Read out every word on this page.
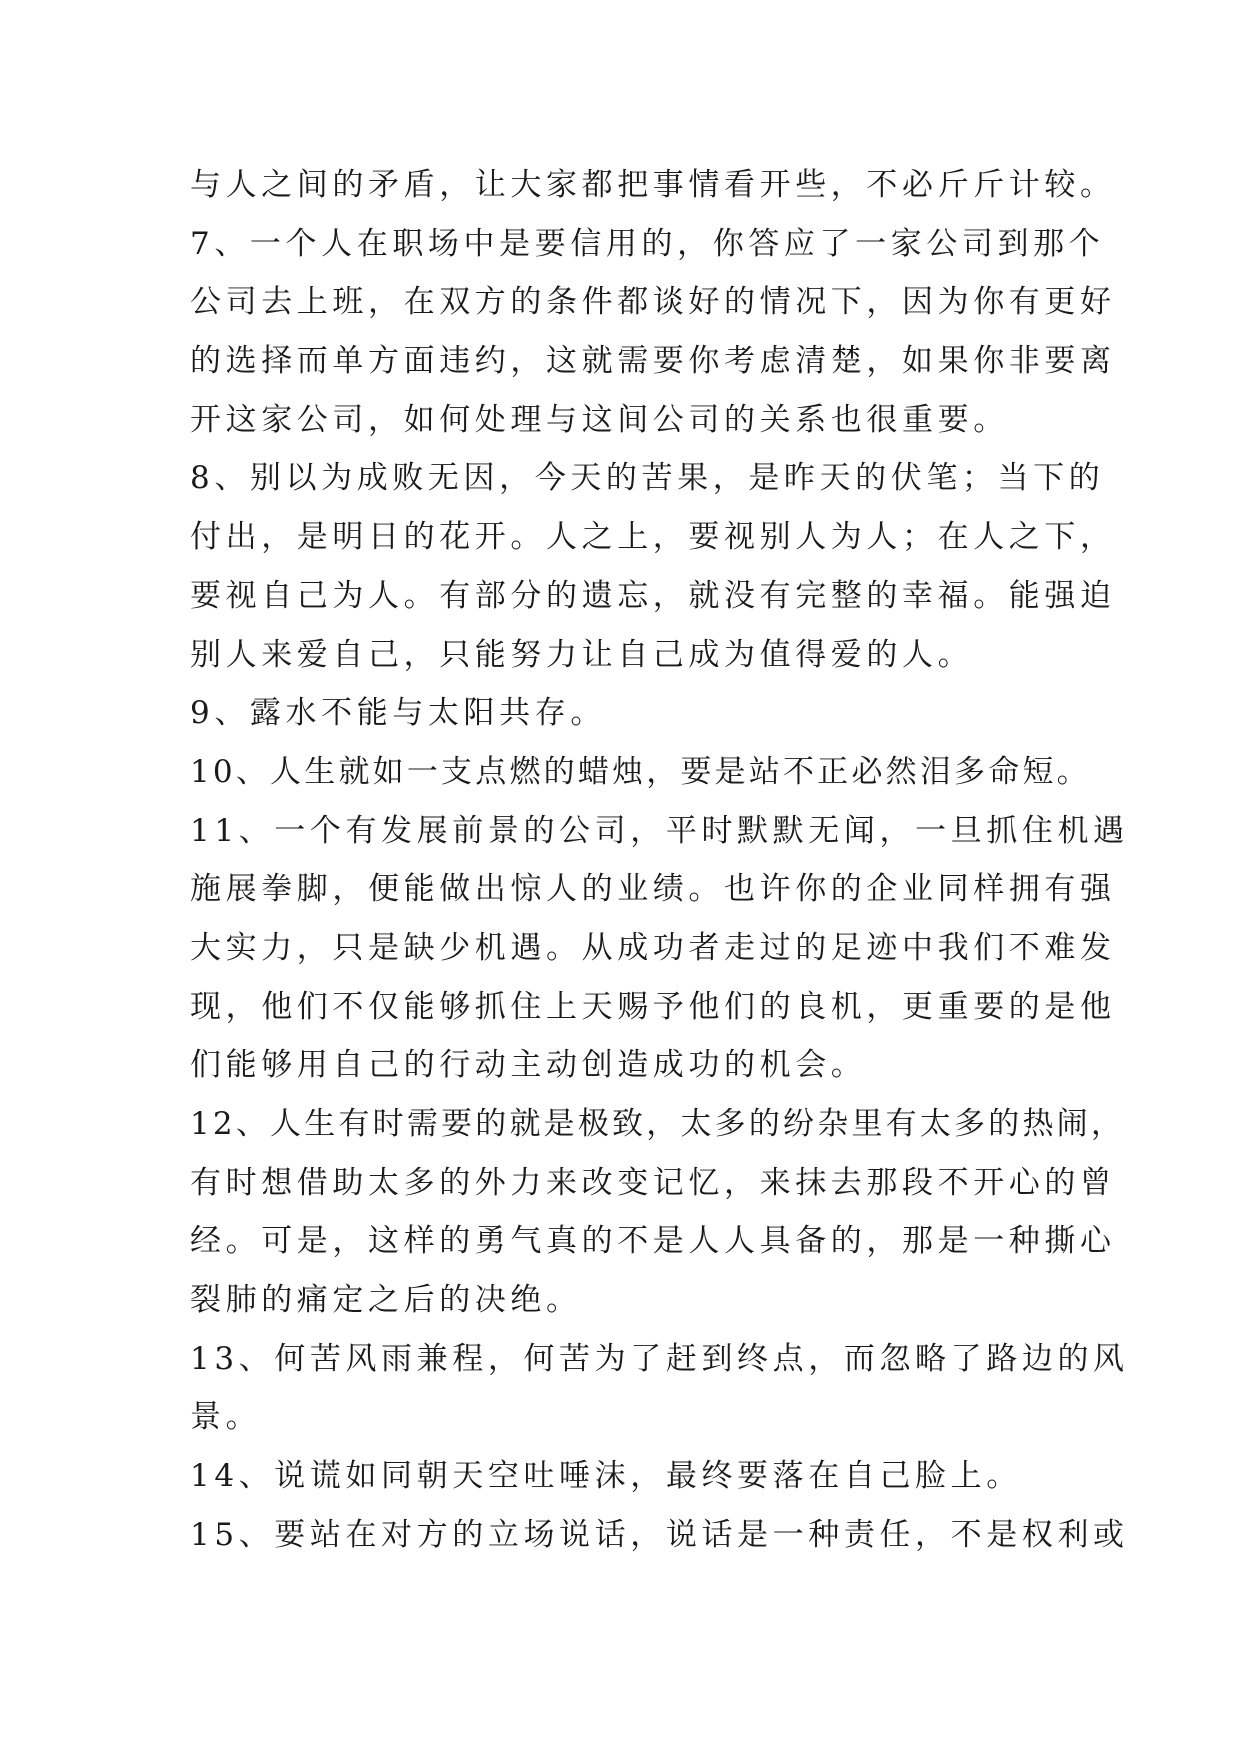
与人之间的矛盾，让大家都把事情看开些，不必斤斤计较。
7、一个人在职场中是要信用的，你答应了一家公司到那个
公司去上班，在双方的条件都谈好的情况下，因为你有更好
的选择而单方面违约，这就需要你考虑清楚，如果你非要离
开这家公司，如何处理与这间公司的关系也很重要。
8、别以为成败无因，今天的苦果，是昨天的伏笔；当下的
付出，是明日的花开。人之上，要视别人为人；在人之下，
要视自己为人。有部分的遗忘，就没有完整的幸福。能强迫
别人来爱自己，只能努力让自己成为值得爱的人。
9、露水不能与太阳共存。
10、人生就如一支点燃的蜡烛，要是站不正必然泪多命短。
11、一个有发展前景的公司，平时默默无闻，一旦抓住机遇
施展拳脚，便能做出惊人的业绩。也许你的企业同样拥有强
大实力，只是缺少机遇。从成功者走过的足迹中我们不难发
现，他们不仅能够抓住上天赐予他们的良机，更重要的是他
们能够用自己的行动主动创造成功的机会。
12、人生有时需要的就是极致，太多的纷杂里有太多的热闹，
有时想借助太多的外力来改变记忆，来抹去那段不开心的曾
经。可是，这样的勇气真的不是人人具备的，那是一种撕心
裂肺的痛定之后的决绝。
13、何苦风雨兼程，何苦为了赶到终点，而忽略了路边的风
景。
14、说谎如同朝天空吐唾沫，最终要落在自己脸上。
15、要站在对方的立场说话，说话是一种责任，不是权利或
